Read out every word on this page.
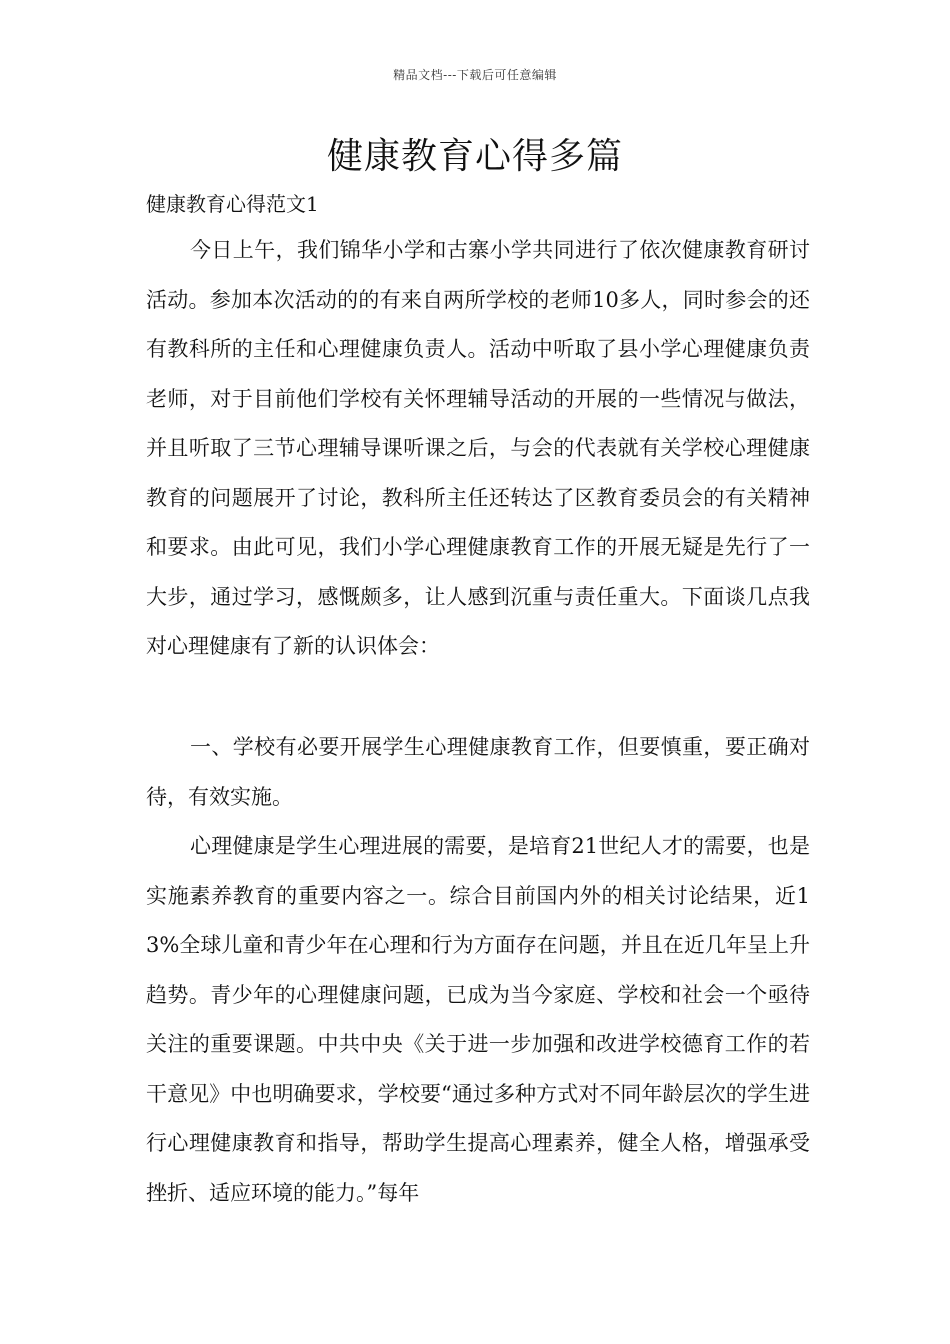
精品文档---下载后可任意编辑
健康教育心得多篇

健康教育心得范文1

今日上午，我们锦华小学和古寨小学共同进行了依次健康教育研讨活动。参加本次活动的的有来自两所学校的老师10多人，同时参会的还有教科所的主任和心理健康负责人。活动中听取了县小学心理健康负责老师，对于目前他们学校有关怀理辅导活动的开展的一些情况与做法，并且听取了三节心理辅导课听课之后，与会的代表就有关学校心理健康教育的问题展开了讨论，教科所主任还转达了区教育委员会的有关精神和要求。由此可见，我们小学心理健康教育工作的开展无疑是先行了一大步，通过学习，感慨颇多，让人感到沉重与责任重大。下面谈几点我对心理健康有了新的认识体会：

一、学校有必要开展学生心理健康教育工作，但要慎重，要正确对待，有效实施。

心理健康是学生心理进展的需要，是培育21世纪人才的需要，也是实施素养教育的重要内容之一。综合目前国内外的相关讨论结果，近13%全球儿童和青少年在心理和行为方面存在问题，并且在近几年呈上升趋势。青少年的心理健康问题，已成为当今家庭、学校和社会一个亟待关注的重要课题。中共中央《关于进一步加强和改进学校德育工作的若干意见》中也明确要求，学校要“通过多种方式对不同年龄层次的学生进行心理健康教育和指导，帮助学生提高心理素养，健全人格，增强承受挫折、适应环境的能力。”每年
